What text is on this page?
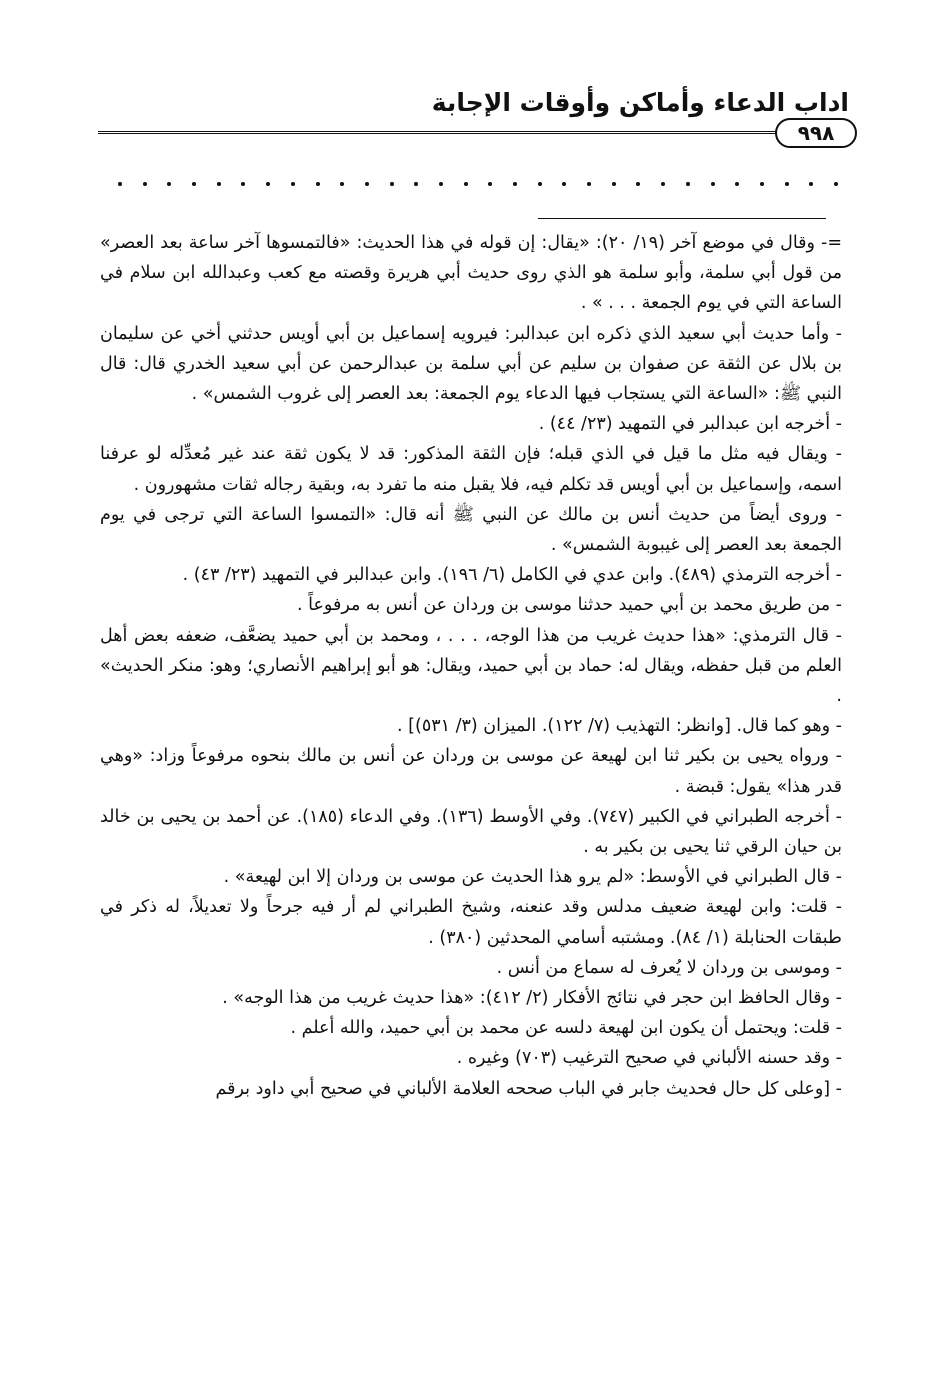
اداب الدعاء وأماكن وأوقات الإجابة
٩٩٨

=- وقال في موضع آخر (١٩/ ٢٠): «يقال: إن قوله في هذا الحديث: «فالتمسوها آخر ساعة بعد العصر» من قول أبي سلمة، وأبو سلمة هو الذي روى حديث أبي هريرة وقصته مع كعب وعبدالله ابن سلام في الساعة التي في يوم الجمعة . . . » .

- وأما حديث أبي سعيد الذي ذكره ابن عبدالبر: فيرويه إسماعيل بن أبي أويس حدثني أخي عن سليمان بن بلال عن الثقة عن صفوان بن سليم عن أبي سلمة بن عبدالرحمن عن أبي سعيد الخدري قال: قال النبي ﷺ: «الساعة التي يستجاب فيها الدعاء يوم الجمعة: بعد العصر إلى غروب الشمس» .

- أخرجه ابن عبدالبر في التمهيد (٢٣/ ٤٤) .

- ويقال فيه مثل ما قيل في الذي قبله؛ فإن الثقة المذكور: قد لا يكون ثقة عند غير مُعدِّله لو عرفنا اسمه، وإسماعيل بن أبي أويس قد تكلم فيه، فلا يقبل منه ما تفرد به، وبقية رجاله ثقات مشهورون .

- وروى أيضاً من حديث أنس بن مالك عن النبي ﷺ أنه قال: «التمسوا الساعة التي ترجى في يوم الجمعة بعد العصر إلى غيبوبة الشمس» .

- أخرجه الترمذي (٤٨٩). وابن عدي في الكامل (٦/ ١٩٦). وابن عبدالبر في التمهيد (٢٣/ ٤٣) .

- من طريق محمد بن أبي حميد حدثنا موسى بن وردان عن أنس به مرفوعاً .

- قال الترمذي: «هذا حديث غريب من هذا الوجه، . . . ، ومحمد بن أبي حميد يضعَّف، ضعفه بعض أهل العلم من قبل حفظه، ويقال له: حماد بن أبي حميد، ويقال: هو أبو إبراهيم الأنصاري؛ وهو: منكر الحديث» .

- وهو كما قال. [وانظر: التهذيب (٧/ ١٢٢). الميزان (٣/ ٥٣١)] .

- ورواه يحيى بن بكير ثنا ابن لهيعة عن موسى بن وردان عن أنس بن مالك بنحوه مرفوعاً وزاد: «وهي قدر هذا» يقول: قبضة .

- أخرجه الطبراني في الكبير (٧٤٧). وفي الأوسط (١٣٦). وفي الدعاء (١٨٥). عن أحمد بن يحيى بن خالد بن حيان الرقي ثنا يحيى بن بكير به .

- قال الطبراني في الأوسط: «لم يرو هذا الحديث عن موسى بن وردان إلا ابن لهيعة» .

- قلت: وابن لهيعة ضعيف مدلس وقد عنعنه، وشيخ الطبراني لم أر فيه جرحاً ولا تعديلاً، له ذكر في طبقات الحنابلة (١/ ٨٤). ومشتبه أسامي المحدثين (٣٨٠) .

- وموسى بن وردان لا يُعرف له سماع من أنس .

- وقال الحافظ ابن حجر في نتائج الأفكار (٢/ ٤١٢): «هذا حديث غريب من هذا الوجه» .

- قلت: ويحتمل أن يكون ابن لهيعة دلسه عن محمد بن أبي حميد، والله أعلم .

- وقد حسنه الألباني في صحيح الترغيب (٧٠٣) وغيره .

- [وعلى كل حال فحديث جابر في الباب صححه العلامة الألباني في صحيح أبي داود برقم
